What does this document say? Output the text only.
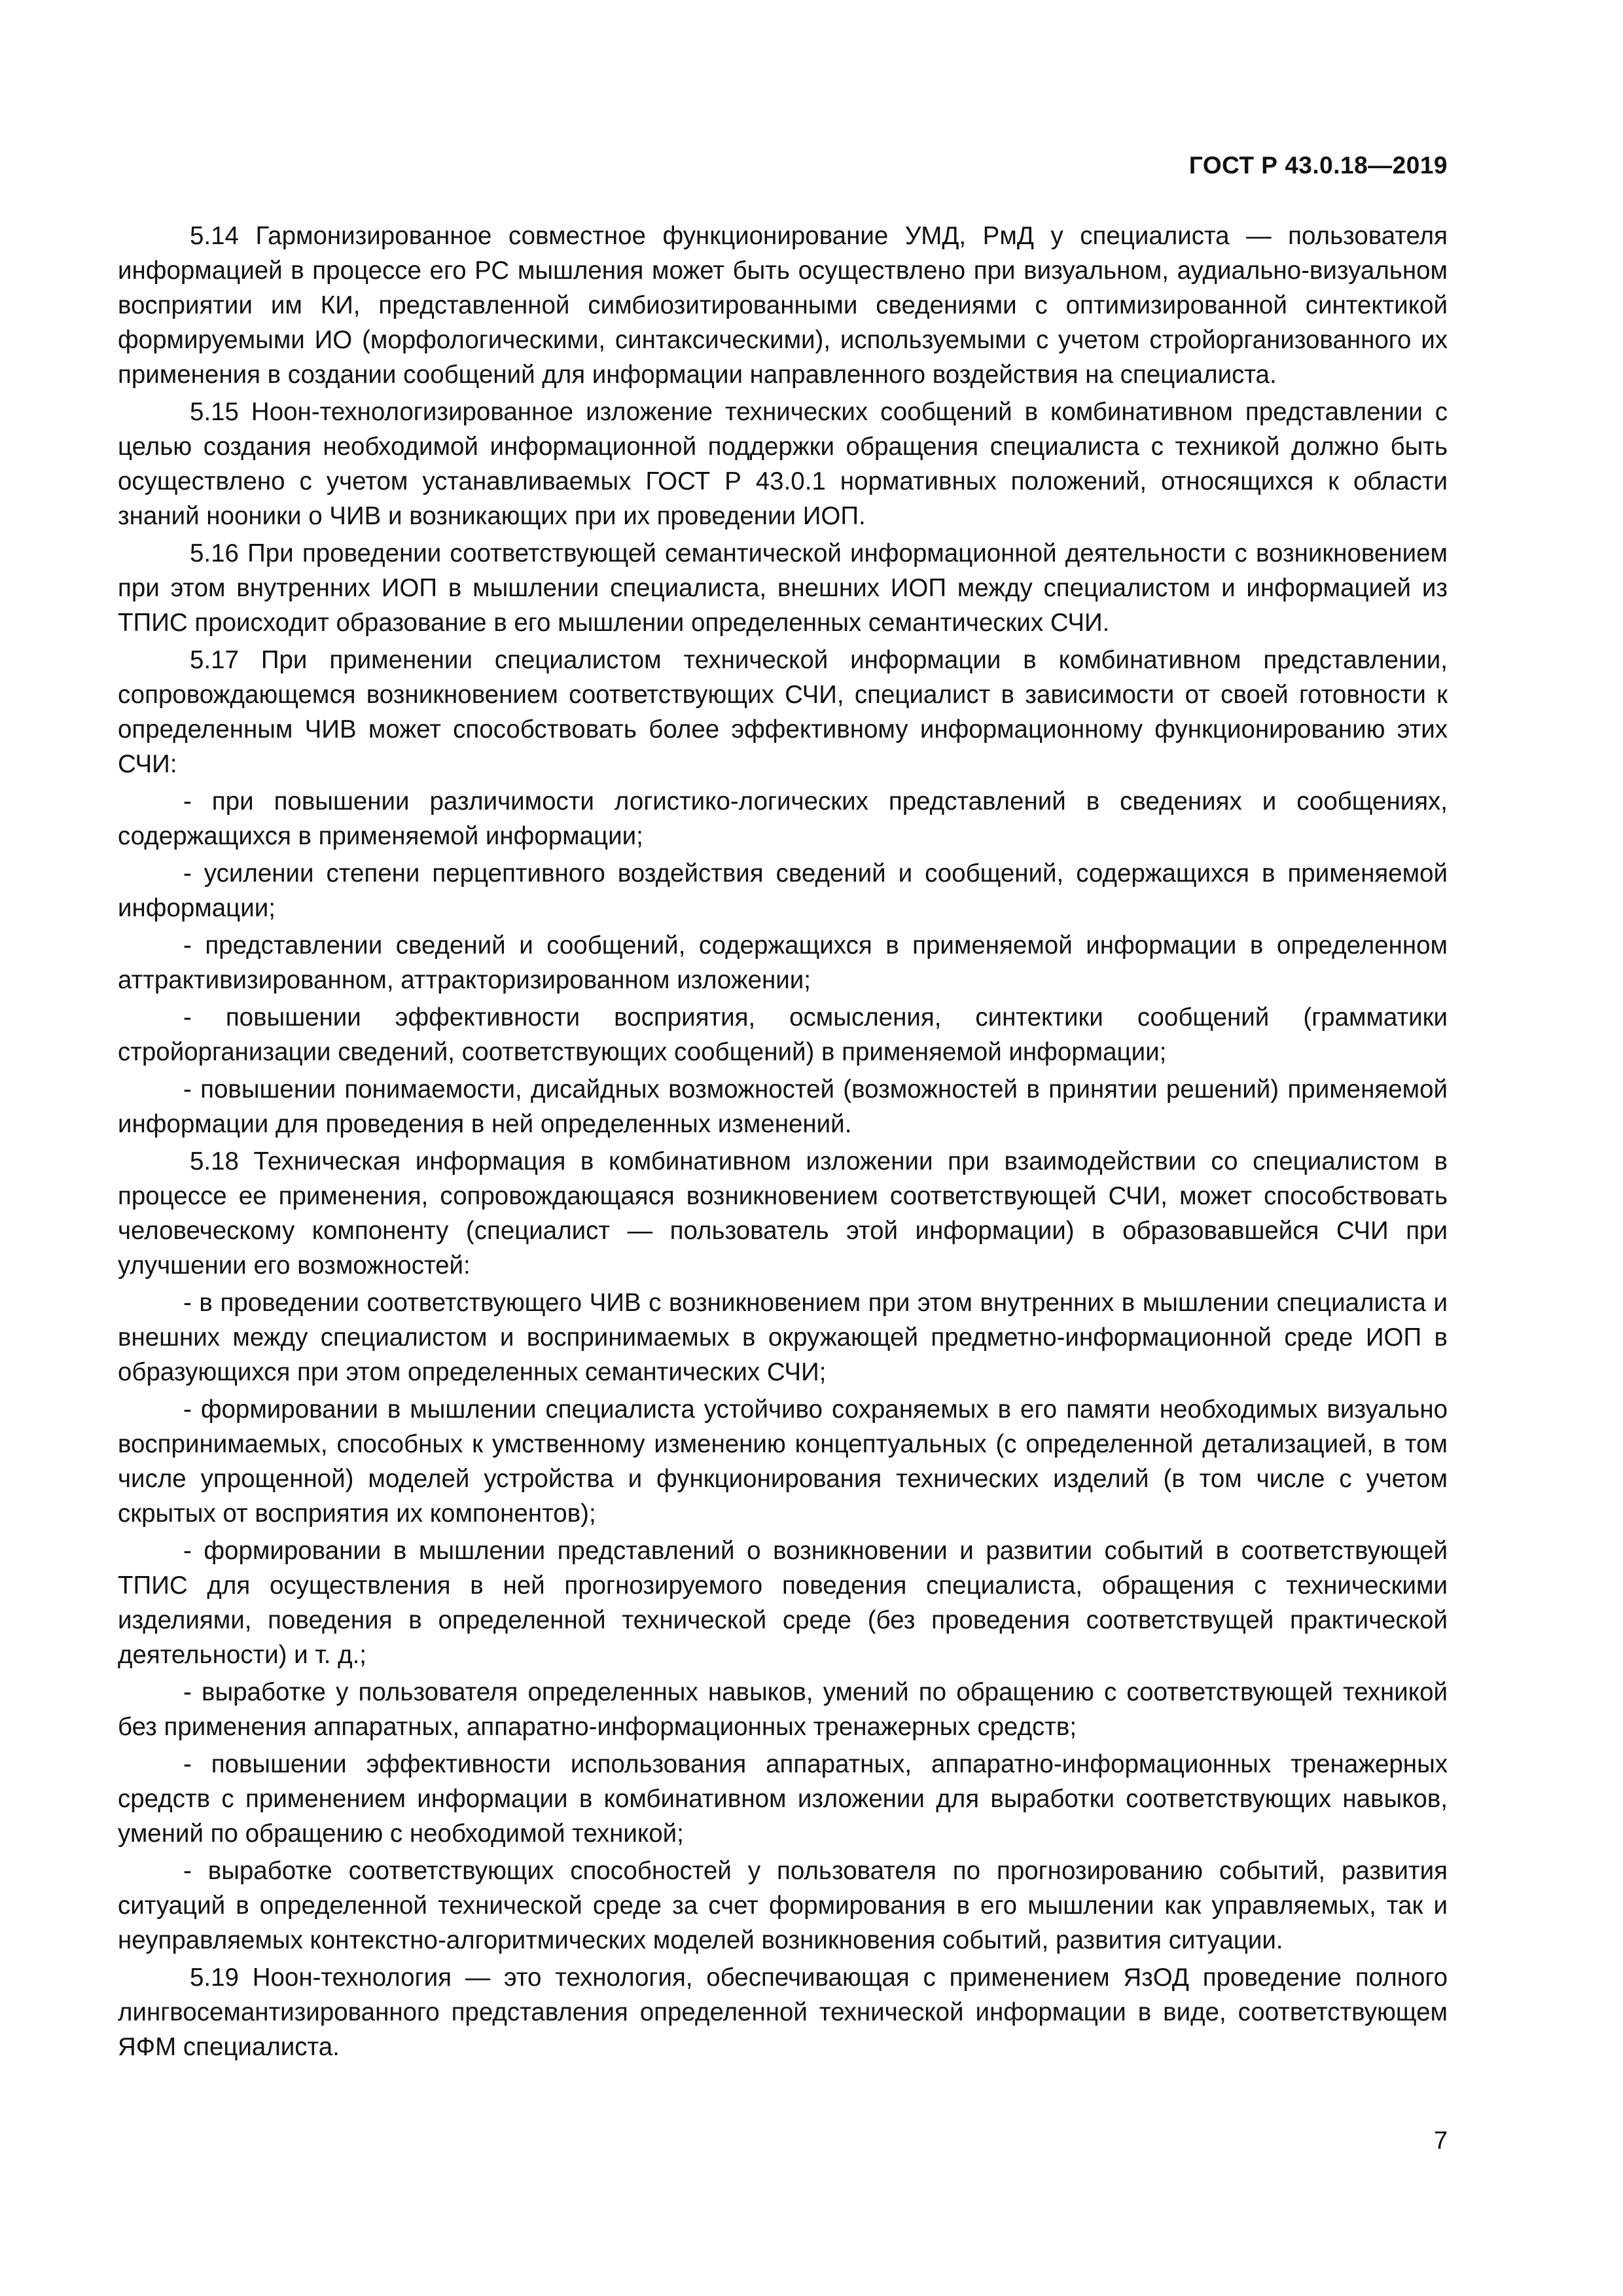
ГОСТ Р 43.0.18—2019

5.14 Гармонизированное совместное функционирование УМД, РмД у специалиста — пользователя информацией в процессе его РС мышления может быть осуществлено при визуальном, аудиально-визуальном восприятии им КИ, представленной симбиозитированными сведениями с оптимизированной синтектикой формируемыми ИО (морфологическими, синтаксическими), используемыми с учетом стройорганизованного их применения в создании сообщений для информации направленного воздействия на специалиста.

5.15 Ноон-технологизированное изложение технических сообщений в комбинативном представлении с целью создания необходимой информационной поддержки обращения специалиста с техникой должно быть осуществлено с учетом устанавливаемых ГОСТ Р 43.0.1 нормативных положений, относящихся к области знаний нооники о ЧИВ и возникающих при их проведении ИОП.

5.16 При проведении соответствующей семантической информационной деятельности с возникновением при этом внутренних ИОП в мышлении специалиста, внешних ИОП между специалистом и информацией из ТПИС происходит образование в его мышлении определенных семантических СЧИ.

5.17 При применении специалистом технической информации в комбинативном представлении, сопровождающемся возникновением соответствующих СЧИ, специалист в зависимости от своей готовности к определенным ЧИВ может способствовать более эффективному информационному функционированию этих СЧИ:

- при повышении различимости логистико-логических представлений в сведениях и сообщениях, содержащихся в применяемой информации;

- усилении степени перцептивного воздействия сведений и сообщений, содержащихся в применяемой информации;

- представлении сведений и сообщений, содержащихся в применяемой информации в определенном аттрактивизированном, аттракторизированном изложении;

- повышении эффективности восприятия, осмысления, синтектики сообщений (грамматики стройорганизации сведений, соответствующих сообщений) в применяемой информации;

- повышении понимаемости, дисайдных возможностей (возможностей в принятии решений) применяемой информации для проведения в ней определенных изменений.

5.18 Техническая информация в комбинативном изложении при взаимодействии со специалистом в процессе ее применения, сопровождающаяся возникновением соответствующей СЧИ, может способствовать человеческому компоненту (специалист — пользователь этой информации) в образовавшейся СЧИ при улучшении его возможностей:

- в проведении соответствующего ЧИВ с возникновением при этом внутренних в мышлении специалиста и внешних между специалистом и воспринимаемых в окружающей предметно-информационной среде ИОП в образующихся при этом определенных семантических СЧИ;

- формировании в мышлении специалиста устойчиво сохраняемых в его памяти необходимых визуально воспринимаемых, способных к умственному изменению концептуальных (с определенной детализацией, в том числе упрощенной) моделей устройства и функционирования технических изделий (в том числе с учетом скрытых от восприятия их компонентов);

- формировании в мышлении представлений о возникновении и развитии событий в соответствующей ТПИС для осуществления в ней прогнозируемого поведения специалиста, обращения с техническими изделиями, поведения в определенной технической среде (без проведения соответствущей практической деятельности) и т. д.;

- выработке у пользователя определенных навыков, умений по обращению с соответствующей техникой без применения аппаратных, аппаратно-информационных тренажерных средств;

- повышении эффективности использования аппаратных, аппаратно-информационных тренажерных средств с применением информации в комбинативном изложении для выработки соответствующих навыков, умений по обращению с необходимой техникой;

- выработке соответствующих способностей у пользователя по прогнозированию событий, развития ситуаций в определенной технической среде за счет формирования в его мышлении как управляемых, так и неуправляемых контекстно-алгоритмических моделей возникновения событий, развития ситуации.

5.19 Ноон-технология — это технология, обеспечивающая с применением ЯзОД проведение полного лингвосемантизированного представления определенной технической информации в виде, соответствующем ЯФМ специалиста.

7
